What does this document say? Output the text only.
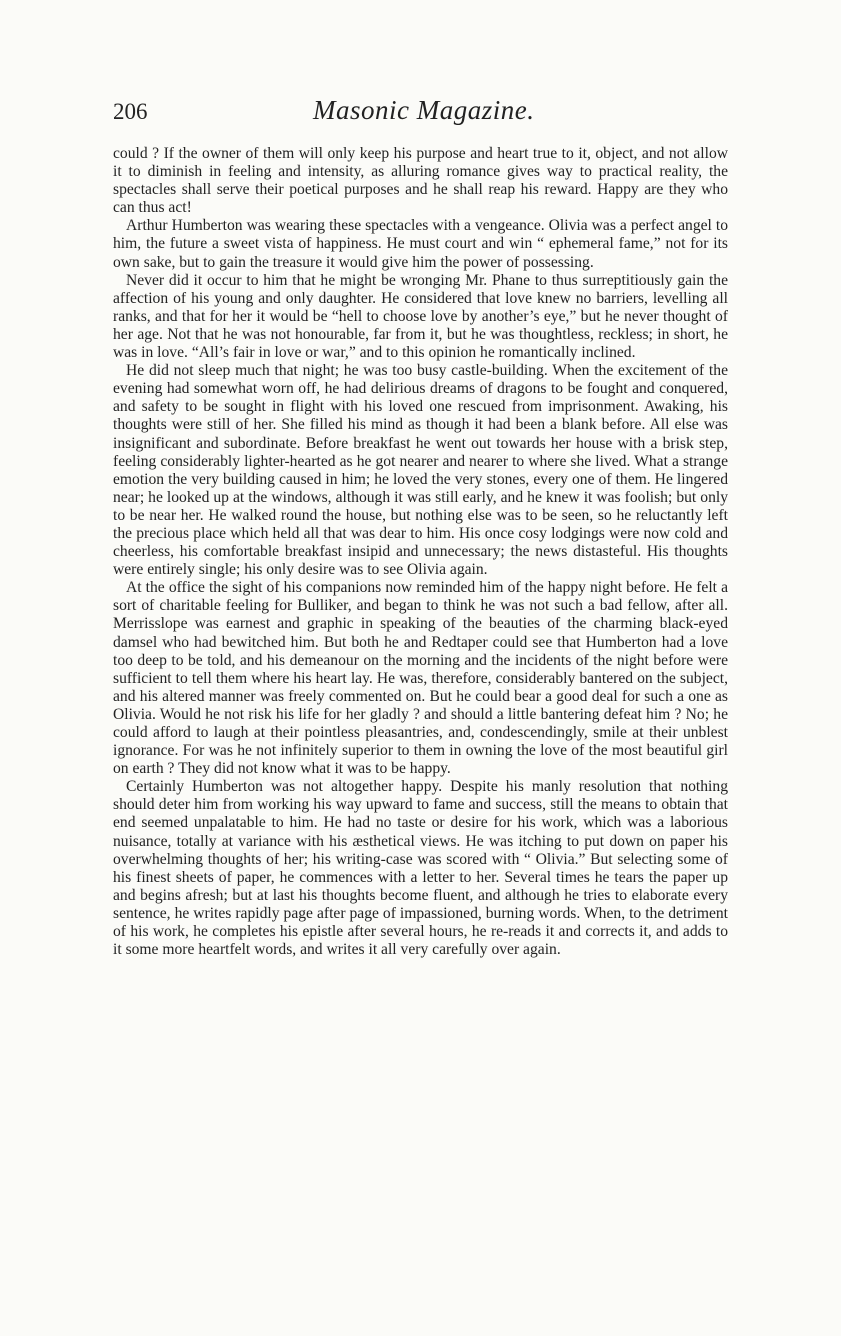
206	Masonic Magazine.

could ? If the owner of them will only keep his purpose and heart true to it, object, and not allow it to diminish in feeling and intensity, as alluring romance gives way to practical reality, the spectacles shall serve their poetical purposes and he shall reap his reward. Happy are they who can thus act!

Arthur Humberton was wearing these spectacles with a vengeance. Olivia was a perfect angel to him, the future a sweet vista of happiness. He must court and win “ ephemeral fame,” not for its own sake, but to gain the treasure it would give him the power of possessing.

Never did it occur to him that he might be wronging Mr. Phane to thus surreptitiously gain the affection of his young and only daughter. He considered that love knew no barriers, levelling all ranks, and that for her it would be “hell to choose love by another’s eye,” but he never thought of her age. Not that he was not honourable, far from it, but he was thoughtless, reckless; in short, he was in love. “All’s fair in love or war,” and to this opinion he romantically inclined.

He did not sleep much that night; he was too busy castle-building. When the excitement of the evening had somewhat worn off, he had delirious dreams of dragons to be fought and conquered, and safety to be sought in flight with his loved one rescued from imprisonment. Awaking, his thoughts were still of her. She filled his mind as though it had been a blank before. All else was insignificant and subordinate. Before breakfast he went out towards her house with a brisk step, feeling considerably lighter-hearted as he got nearer and nearer to where she lived. What a strange emotion the very building caused in him; he loved the very stones, every one of them. He lingered near; he looked up at the windows, although it was still early, and he knew it was foolish; but only to be near her. He walked round the house, but nothing else was to be seen, so he reluctantly left the precious place which held all that was dear to him. His once cosy lodgings were now cold and cheerless, his comfortable breakfast insipid and unnecessary; the news distasteful. His thoughts were entirely single; his only desire was to see Olivia again.

At the office the sight of his companions now reminded him of the happy night before. He felt a sort of charitable feeling for Bulliker, and began to think he was not such a bad fellow, after all. Merrisslope was earnest and graphic in speaking of the beauties of the charming black-eyed damsel who had bewitched him. But both he and Redtaper could see that Humberton had a love too deep to be told, and his demeanour on the morning and the incidents of the night before were sufficient to tell them where his heart lay. He was, therefore, considerably bantered on the subject, and his altered manner was freely commented on. But he could bear a good deal for such a one as Olivia. Would he not risk his life for her gladly ? and should a little bantering defeat him ? No; he could afford to laugh at their pointless pleasantries, and, condescendingly, smile at their unblest ignorance. For was he not infinitely superior to them in owning the love of the most beautiful girl on earth ? They did not know what it was to be happy.

Certainly Humberton was not altogether happy. Despite his manly resolution that nothing should deter him from working his way upward to fame and success, still the means to obtain that end seemed unpalatable to him. He had no taste or desire for his work, which was a laborious nuisance, totally at variance with his æsthetical views. He was itching to put down on paper his overwhelming thoughts of her; his writing-case was scored with “ Olivia.” But selecting some of his finest sheets of paper, he commences with a letter to her. Several times he tears the paper up and begins afresh; but at last his thoughts become fluent, and although he tries to elaborate every sentence, he writes rapidly page after page of impassioned, burning words. When, to the detriment of his work, he completes his epistle after several hours, he re-reads it and corrects it, and adds to it some more heartfelt words, and writes it all very carefully over again.
